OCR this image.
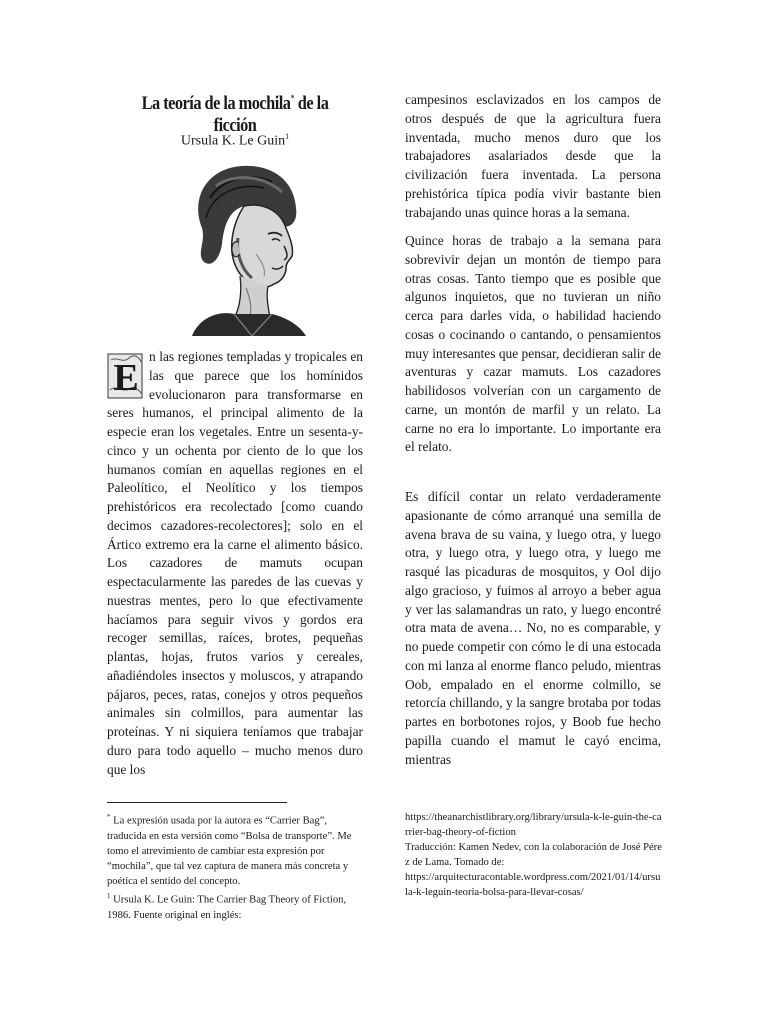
La teoría de la mochila* de la ficción

Ursula K. Le Guin$^1$

E

n las regiones templadas y tropicales en las que parece que los homínidos evolucionaron para transformarse en seres humanos, el principal alimento de la especie eran los vegetales. Entre un sesenta-y-cinco y un ochenta por ciento de lo que los humanos comían en aquellas regiones en el Paleolítico, el Neolítico y los tiempos prehistóricos era recolectado [como cuando decimos cazadores-recolectores]; solo en el Ártico extremo era la carne el alimento básico. Los cazadores de mamuts ocupan espectacularmente las paredes de las cuevas y nuestras mentes, pero lo que efectivamente hacíamos para seguir vivos y gordos era recoger semillas, raíces, brotes, pequeñas plantas, hojas, frutos varios y cereales, añadiéndoles insectos y moluscos, y atrapando pájaros, peces, ratas, conejos y otros pequeños animales sin colmillos, para aumentar las proteínas. Y ni siquiera teníamos que trabajar duro para todo aquello – mucho menos duro que los

campesinos esclavizados en los campos de otros después de que la agricultura fuera inventada, mucho menos duro que los trabajadores asalariados desde que la civilización fuera inventada. La persona prehistórica típica podía vivir bastante bien trabajando unas quince horas a la semana.

Quince horas de trabajo a la semana para sobrevivir dejan un montón de tiempo para otras cosas. Tanto tiempo que es posible que algunos inquietos, que no tuvieran un niño cerca para darles vida, o habilidad haciendo cosas o cocinando o cantando, o pensamientos muy interesantes que pensar, decidieran salir de aventuras y cazar mamuts. Los cazadores habilidosos volverían con un cargamento de carne, un montón de marfil y un relato. La carne no era lo importante. Lo importante era el relato.

Es difícil contar un relato verdaderamente apasionante de cómo arranqué una semilla de avena brava de su vaina, y luego otra, y luego otra, y luego otra, y luego otra, y luego me rasqué las picaduras de mosquitos, y Ool dijo algo gracioso, y fuimos al arroyo a beber agua y ver las salamandras un rato, y luego encontré otra mata de avena… No, no es comparable, y no puede competir con cómo le di una estocada con mi lanza al enorme flanco peludo, mientras Oob, empalado en el enorme colmillo, se retorcía chillando, y la sangre brotaba por todas partes en borbotones rojos, y Boob fue hecho papilla cuando el mamut le cayó encima, mientras

* La expresión usada por la autora es “Carrier Bag”, traducida en esta versión como “Bolsa de transporte”. Me tomo el atrevimiento de cambiar esta expresión por “mochila”, que tal vez captura de manera más concreta y poética el sentido del concepto.

$^1$ Ursula K. Le Guin: The Carrier Bag Theory of Fiction, 1986. Fuente original en inglés:

https://theanarchistlibrary.org/library/ursula-k-le-guin-the-carrier-bag-theory-of-fiction

Traducción: Kamen Nedev, con la colaboración de José Pérez de Lama. Tomado de:

https://arquitecturacontable.wordpress.com/2021/01/14/ursula-k-leguin-teoria-bolsa-para-llevar-cosas/
